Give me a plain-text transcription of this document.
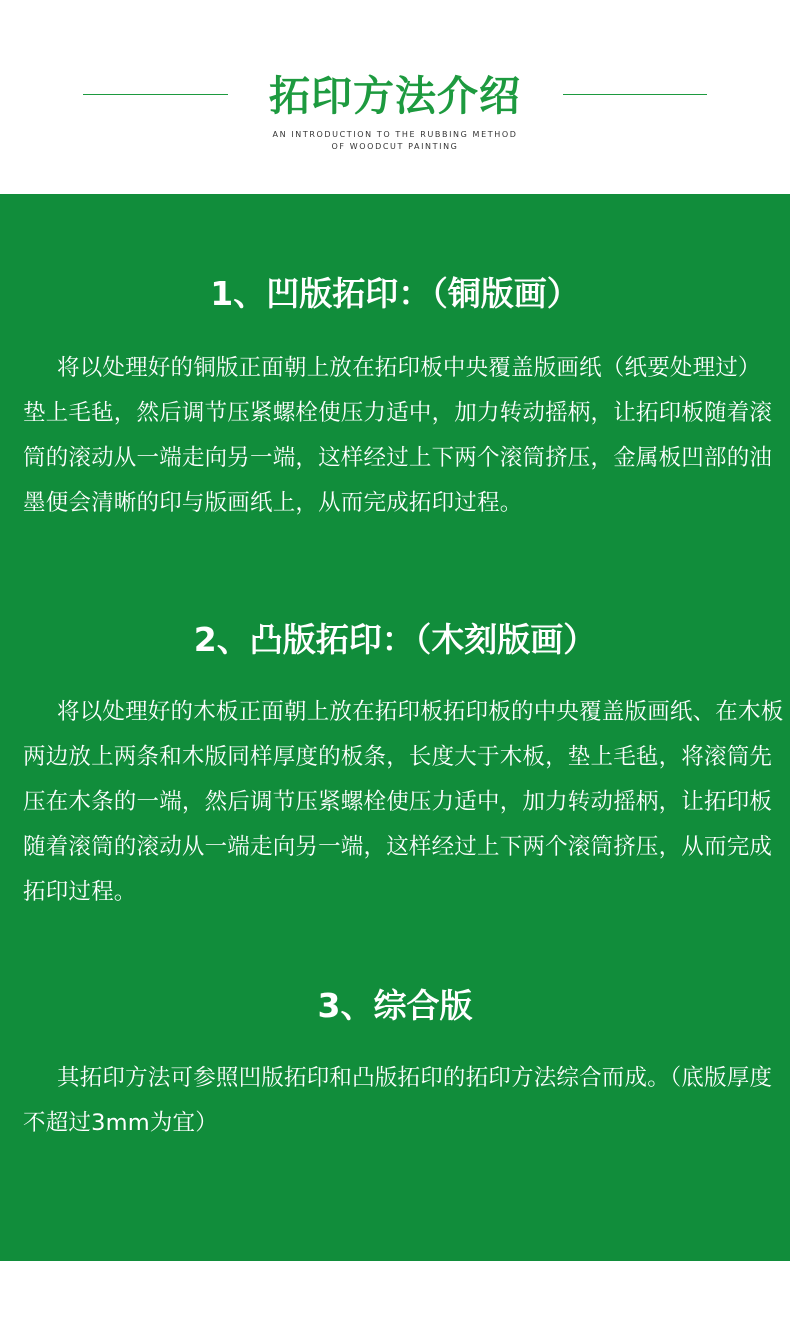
拓印方法介绍
AN INTRODUCTION TO THE RUBBING METHOD
OF WOODCUT PAINTING
1、凹版拓印：（铜版画）
将以处理好的铜版正面朝上放在拓印板中央覆盖版画纸（纸要处理过）垫上毛毡，然后调节压紧螺栓使压力适中，加力转动摇柄，让拓印板随着滚筒的滚动从一端走向另一端，这样经过上下两个滚筒挤压，金属板凹部的油墨便会清晰的印与版画纸上，从而完成拓印过程。
2、凸版拓印：（木刻版画）
将以处理好的木板正面朝上放在拓印板拓印板的中央覆盖版画纸、在木板两边放上两条和木版同样厚度的板条，长度大于木板，垫上毛毡，将滚筒先压在木条的一端，然后调节压紧螺栓使压力适中，加力转动摇柄，让拓印板随着滚筒的滚动从一端走向另一端，这样经过上下两个滚筒挤压，从而完成拓印过程。
3、综合版
其拓印方法可参照凹版拓印和凸版拓印的拓印方法综合而成。（底版厚度不超过3mm为宜）
